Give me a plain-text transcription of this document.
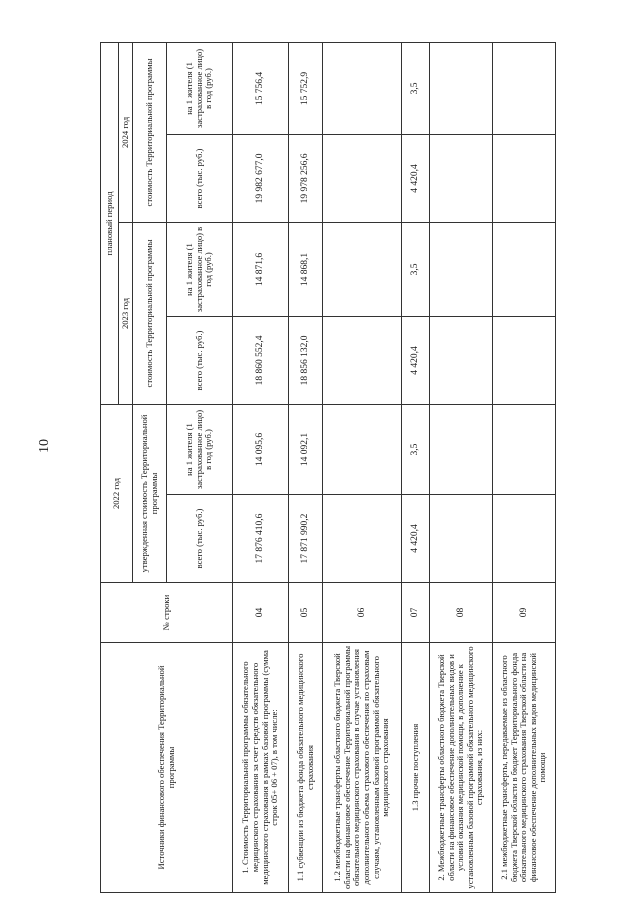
10
Источники финансового обеспечения Территориальной программы	№ строки	2022 год		плановый период			
				2023 год		2024 год	
		утвержденная стоимость Территориальной программы		стоимость Территориальной программы		стоимость Территориальной программы	
		всего (тыс. руб.)	на 1 жителя (1 застрахованное лицо) в год (руб.)	всего (тыс. руб.)	на 1 жителя (1 застрахованное лицо) в год (руб.)	всего (тыс. руб.)	на 1 жителя (1 застрахованное лицо) в год (руб.)
1. Стоимость Территориальной программы обязательного медицинского страхования за счет средств обязательного медицинского страхования в рамках базовой программы (сумма строк 05+ 06 + 07), в том числе:	04	17 876 410,6	14 095,6	18 860 552,4	14 871,6	19 982 677,0	15 756,4
1.1 субвенции из бюджета фонда обязательного медицинского страхования	05	17 871 990,2	14 092,1	18 856 132,0	14 868,1	19 978 256,6	15 752,9
1.2 межбюджетные трансферты областного бюджета Тверской области на финансовое обеспечение Территориальной программы обязательного медицинского страхования в случае установления дополнительного объема страхового обеспечения по страховым случаям, установленным базовой программой обязательного медицинского страхования	06						
1.3 прочие поступления	07	4 420,4	3,5	4 420,4	3,5	4 420,4	3,5
2. Межбюджетные трансферты областного бюджета Тверской области на финансовое обеспечение дополнительных видов и условий оказания медицинской помощи, в дополнение к установленным базовой программой обязательного медицинского страхования, из них:	08						
2.1 межбюджетные трансферты, передаваемые из областного бюджета Тверской области в бюджет Территориального фонда обязательного медицинского страхования Тверской области на финансовое обеспечение дополнительных видов медицинской помощи	09						
